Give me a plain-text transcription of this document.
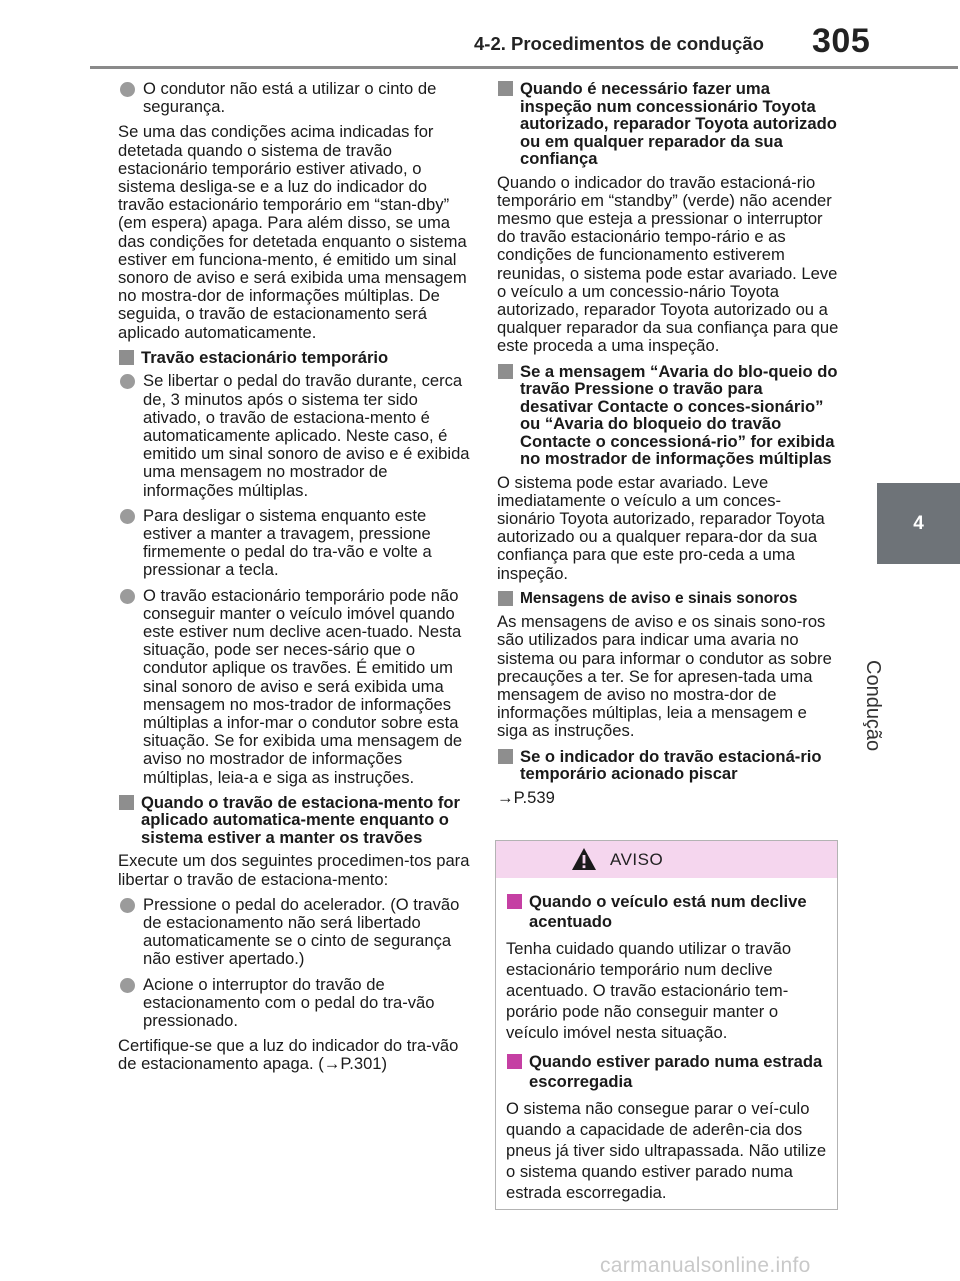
4-2. Procedimentos de condução 305
4
Condução
O condutor não está a utilizar o cinto de segurança.

Se uma das condições acima indicadas for detetada quando o sistema de travão estacionário temporário estiver ativado, o sistema desliga-se e a luz do indicador do travão estacionário temporário em “stan-dby” (em espera) apaga. Para além disso, se uma das condições for detetada enquanto o sistema estiver em funciona-mento, é emitido um sinal sonoro de aviso e será exibida uma mensagem no mostra-dor de informações múltiplas. De seguida, o travão de estacionamento será aplicado automaticamente.

Travão estacionário temporário
Se libertar o pedal do travão durante, cerca de, 3 minutos após o sistema ter sido ativado, o travão de estaciona-mento é automaticamente aplicado. Neste caso, é emitido um sinal sonoro de aviso e é exibida uma mensagem no mostrador de informações múltiplas.
Para desligar o sistema enquanto este estiver a manter a travagem, pressione firmemente o pedal do tra-vão e volte a pressionar a tecla.
O travão estacionário temporário pode não conseguir manter o veículo imóvel quando este estiver num declive acen-tuado. Nesta situação, pode ser neces-sário que o condutor aplique os travões. É emitido um sinal sonoro de aviso e será exibida uma mensagem no mos-trador de informações múltiplas a infor-mar o condutor sobre esta situação. Se for exibida uma mensagem de aviso no mostrador de informações múltiplas, leia-a e siga as instruções.
Quando o travão de estaciona-mento for aplicado automatica-mente enquanto o sistema estiver a manter os travões

Execute um dos seguintes procedimen-tos para libertar o travão de estaciona-mento:

Pressione o pedal do acelerador. (O travão de estacionamento não será libertado automaticamente se o cinto de segurança não estiver apertado.)
Acione o interruptor do travão de estacionamento com o pedal do tra-vão pressionado.

Certifique-se que a luz do indicador do tra-vão de estacionamento apaga. (→P.301)

Quando é necessário fazer uma inspeção num concessionário Toyota autorizado, reparador Toyota autorizado ou em qualquer reparador da sua confiança

Quando o indicador do travão estacioná-rio temporário em “standby” (verde) não acender mesmo que esteja a pressionar o interruptor do travão estacionário tempo-rário e as condições de funcionamento estiverem reunidas, o sistema pode estar avariado. Leve o veículo a um concessio-nário Toyota autorizado, reparador Toyota autorizado ou a qualquer reparador da sua confiança para que este proceda a uma inspeção.

Se a mensagem “Avaria do blo-queio do travão Pressione o travão para desativar Contacte o conces-sionário” ou “Avaria do bloqueio do travão Contacte o concessioná-rio” for exibida no mostrador de informações múltiplas

O sistema pode estar avariado. Leve imediatamente o veículo a um conces-sionário Toyota autorizado, reparador Toyota autorizado ou a qualquer repara-dor da sua confiança para que este pro-ceda a uma inspeção.

Mensagens de aviso e sinais sonoros

As mensagens de aviso e os sinais sono-ros são utilizados para indicar uma avaria no sistema ou para informar o condutor as sobre precauções a ter. Se for apresen-tada uma mensagem de aviso no mostra-dor de informações múltiplas, leia a mensagem e siga as instruções.

Se o indicador do travão estacioná-rio temporário acionado piscar

→P.539

AVISO
Quando o veículo está num declive acentuado

Tenha cuidado quando utilizar o travão estacionário temporário num declive acentuado. O travão estacionário tem-porário pode não conseguir manter o veículo imóvel nesta situação.

Quando estiver parado numa estrada escorregadia

O sistema não consegue parar o veí-culo quando a capacidade de aderên-cia dos pneus já tiver sido ultrapassada. Não utilize o sistema quando estiver parado numa estrada escorregadia.

carmanualsonline.info
